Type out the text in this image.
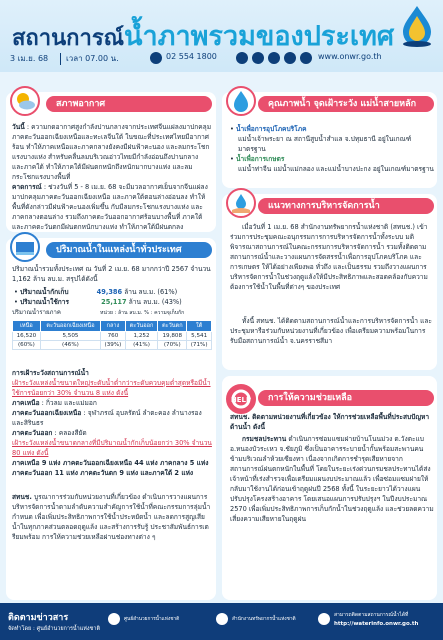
สถานการณ์น้ำภาพรวมของประเทศ
3 เม.ย. 68 เวลา 07.00 น.	02 554 1800	www.onwr.go.th
สภาพอากาศ
วันนี้ : ความกดอากาศสูงกำลังปานกลางจากประเทศจีนแผ่ลงมาปกคลุมภาคตะวันออกเฉียงเหนือและทะเลจีนใต้ ในขณะที่ประเทศไทยมีอากาศร้อน ทำให้ภาคเหนือและภาคกลางยังคงมีฝนฟ้าคะนอง และลมกระโชกแรงบางแห่ง สำหรับคลื่นลมบริเวณอ่าวไทยมีกำลังอ่อนถึงปานกลาง และภาคใต้ ทำให้ภาคใต้มีฝนตกหนักถึงหนักมากบางแห่ง และลมกระโชกแรงบางพื้นที่
คาดการณ์ : ช่วงวันที่ 5 - 8 เม.ย. 68 จะมีมวลอากาศเย็นจากจีนแผ่ลงมาปกคลุมภาคตะวันออกเฉียงเหนือ และภาคใต้ตอนล่างอ่อนลง ทำให้พื้นที่ดังกล่าวมีฝนฟ้าคะนองเพิ่มขึ้น กับมีลมกระโชกแรงบางแห่ง และภาคกลางตอนล่าง รวมถึงภาคตะวันออกอากาศร้อนบางพื้นที่ ภาคใต้ และภาคตะวันตกมีฝนตกหนักบางแห่ง ทำให้ภาคใต้มีฝนตกลง
คุณภาพน้ำ จุดเฝ้าระวัง แม่น้ำสายหลัก
• น้ำเพื่อการอุปโภคบริโภค
แม่น้ำเจ้าพระยา ณ สถานีสูบน้ำสำแล จ.ปทุมธานี อยู่ในเกณฑ์มาตรฐาน
• น้ำเพื่อการเกษตร
แม่น้ำท่าจีน แม่น้ำแม่กลอง และแม่น้ำบางปะกง อยู่ในเกณฑ์มาตรฐาน
ปริมาณน้ำในแหล่งน้ำทั่วประเทศ
ปริมาณน้ำรวมทั้งประเทศ ณ วันที่ 2 เม.ย. 68 มากกว่าปี 2567 จำนวน 1,162 ล้าน ลบ.ม. สรุปได้ดังนี้
• ปริมาณน้ำกักเก็บ	49,386 ล้าน ลบ.ม. (61%)
• ปริมาณน้ำใช้การ	25,117 ล้าน ลบ.ม. (43%)
ปริมาณน้ำรายภาค	หน่วย : ล้าน ลบ.ม. % : ความจุเก็บกัก
เหนือ	ตะวันออกเฉียงเหนือ	กลาง	ตะวันออก	ตะวันตก	ใต้
16,520	5,505	760	1,252	19,808	5,541
(60%)	(46%)	(39%)	(41%)	(70%)	(71%)
การเฝ้าระวังสถานการณ์น้ำ
เฝ้าระวังแหล่งน้ำขนาดใหญ่ระดับน้ำต่ำกว่าระดับควบคุมต่ำสุดหรือมีน้ำใช้การน้อยกว่า 30% จำนวน 8 แห่ง ดังนี้
ภาคเหนือ : กิ่วลม และแม่มอก
ภาคตะวันออกเฉียงเหนือ : จุฬาภรณ์ อุบลรัตน์ ลำตะคอง ลำนางรอง และสิรินธร
ภาคตะวันออก : คลองสียัด
เฝ้าระวังแหล่งน้ำขนาดกลางที่มีปริมาณน้ำกักเก็บน้อยกว่า 30% จำนวน 80 แห่ง ดังนี้
ภาคเหนือ 9 แห่ง ภาคตะวันออกเฉียงเหนือ 44 แห่ง ภาคกลาง 5 แห่ง ภาคตะวันออก 11 แห่ง ภาคตะวันตก 9 แห่ง และภาคใต้ 2 แห่ง
สทนช. บูรณาการร่วมกับหน่วยงานที่เกี่ยวข้อง ดำเนินการวางแผนการบริหารจัดการน้ำตามลำดับความสำคัญการใช้น้ำที่คณะกรรมการลุ่มน้ำกำหนด เพื่อเพิ่มประสิทธิภาพการใช้น้ำประหยัดน้ำ และลดการสูญเสียน้ำในทุกภาคส่วนตลอดฤดูแล้ง และสร้างการรับรู้ ประชาสัมพันธ์การเตรียมพร้อม การให้ความช่วยเหลือผ่านช่องทางต่าง ๆ
แนวทางการบริหารจัดการน้ำ
เมื่อวันที่ 1 เม.ย. 68 สำนักงานทรัพยากรน้ำแห่งชาติ (สทนช.) เข้าร่วมการประชุมคณะอนุกรรมการการบริหารจัดการน้ำทั้งระบบ มติพิจารณาสถานการณ์ในคณะกรรมการบริหารจัดการน้ำ รวมทั้งติดตามสถานการณ์น้ำและวางแผนการจัดสรรน้ำเพื่อการอุปโภคบริโภค และการเกษตร ให้ได้อย่างเพียงพอ ทั่วถึง และเป็นธรรม รวมถึงวางแผนการบริหารจัดการน้ำในช่วงฤดูแล้งให้มีประสิทธิภาพและสอดคล้องกับความต้องการใช้น้ำในพื้นที่ต่างๆ ของประเทศ
ทั้งนี้ สทนช. ได้ติดตามสถานการณ์น้ำและการบริหารจัดการน้ำ และประชุมหารือร่วมกับหน่วยงานที่เกี่ยวข้อง เพื่อเตรียมความพร้อมในการรับมือสถานการณ์น้ำ จ.นครราชสีมา
การให้ความช่วยเหลือ
HELP
สทนช. ติดตามหน่วยงานที่เกี่ยวข้อง ให้การช่วยเหลือพื้นที่ประสบปัญหาด้านน้ำ ดังนี้
กรมชลประทาน ดำเนินการซ่อมแซมฝายบ้านโนนม่วง ต.วังตะแบ อ.หนองบัวระเหว จ.ชัยภูมิ ซึ่งเป็นอาคารระบายน้ำกั้นพร้อมสะพานคนข้ามบริเวณลำห้วยเซียงทา เนื่องจากเกิดการชำรุดเสียหายจากสถานการณ์ฝนตกหนักในพื้นที่ โดยในระยะเร่งด่วนกรมชลประทานได้ส่งเจ้าหน้าที่เร่งสำรวจเพื่อเตรียมแผนงบประมาณแล้ว เพื่อซ่อมแซมฝายให้กลับมาใช้งานได้ก่อนเข้าฤดูฝนปี 2568 ทั้งนี้ ในระยะยาวได้วางแผนปรับปรุงโครงสร้างอาคาร โดยเสนอแผนการปรับปรุงฯ ในปีงบประมาณ 2570 เพื่อเพิ่มประสิทธิภาพการเก็บกักน้ำในช่วงฤดูแล้ง และช่วยลดความเสี่ยงความเสียหายในฤดูฝน
ติดตามข่าวสาร
จัดทำโดย : ศูนย์อำนวยการน้ำแห่งชาติ
ศูนย์อำนวยการน้ำแห่งชาติ	สำนักงานทรัพยากรน้ำแห่งชาติ
สามารถติดตามสถานการณ์น้ำได้ที่
http://waterinfo.onwr.go.th
